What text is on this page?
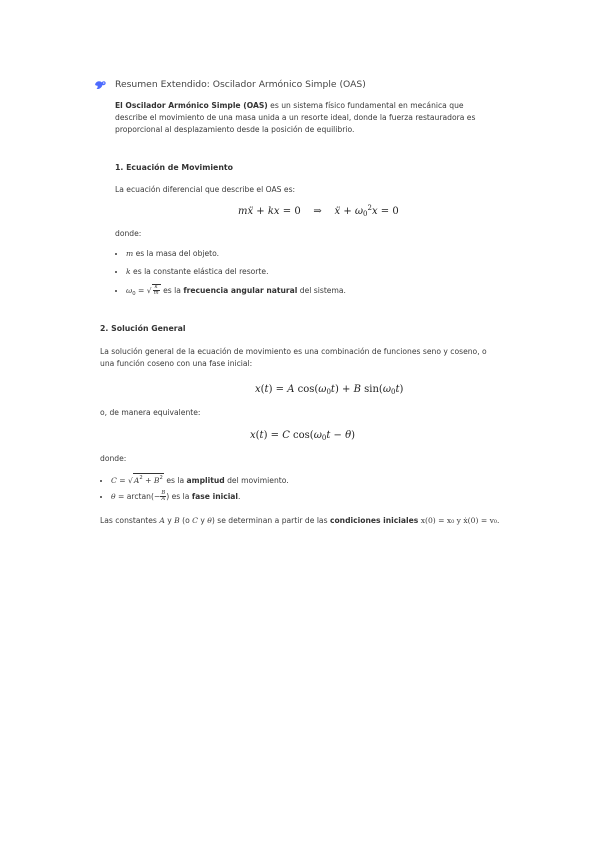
Resumen Extendido: Oscilador Armónico Simple (OAS)

El Oscilador Armónico Simple (OAS) es un sistema físico fundamental en mecánica que describe el movimiento de una masa unida a un resorte ideal, donde la fuerza restauradora es proporcional al desplazamiento desde la posición de equilibrio.

1. Ecuación de Movimiento

La ecuación diferencial que describe el OAS es:

mẍ + kx = 0    ⇒    ẍ + $\omega_0^2x = 0$

donde:

• m es la masa del objeto.
• k es la constante elástica del resorte.
• $\omega_0$ = √ $\frac{k}{m}$ es la frecuencia angular natural del sistema.
2. Solución General

La solución general de la ecuación de movimiento es una combinación de funciones seno y coseno, o una función coseno con una fase inicial:

x(t) = A $\cos(\omega_0t) + B$ $\sin(\omega_0t)$

o, de manera equivalente:

x(t) = C $\cos(\omega_0t - \theta)$

donde:

• $C = √A^2 + B^2$ es la amplitud del movimiento.
• $\theta = \arctan(- \frac{B}{A}$ ) es la fase inicial.

Las constantes A y B (o C y θ) se determinan a partir de las condiciones iniciales x(0) = x₀ y ẋ(0) = v₀.
